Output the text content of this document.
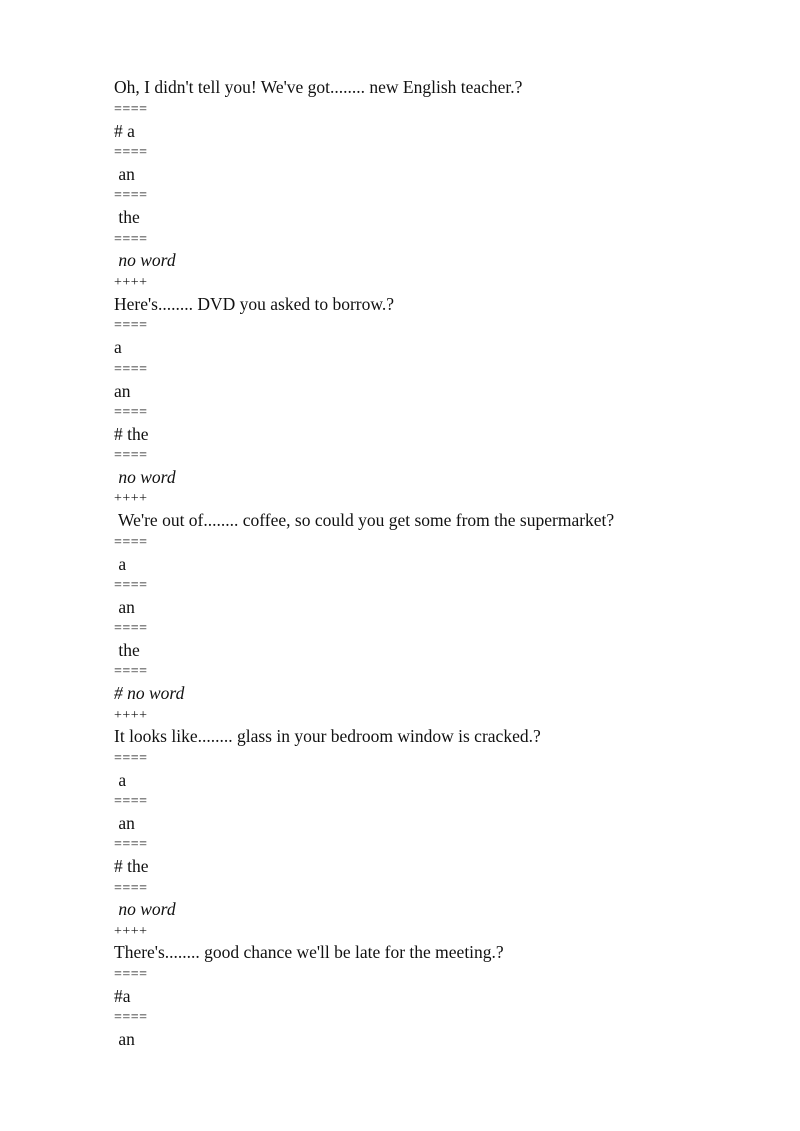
Oh, I didn't tell you! We've got........ new English teacher.?
====
# a
====
an
====
the
====
no word
++++
Here's........ DVD you asked to borrow.?
====
a
====
an
====
# the
====
no word
++++
We're out of........ coffee, so could you get some from the supermarket?
====
a
====
an
====
the
====
# no word
++++
It looks like........ glass in your bedroom window is cracked.?
====
a
====
an
====
# the
====
no word
++++
There's........ good chance we'll be late for the meeting.?
====
#a
====
an
